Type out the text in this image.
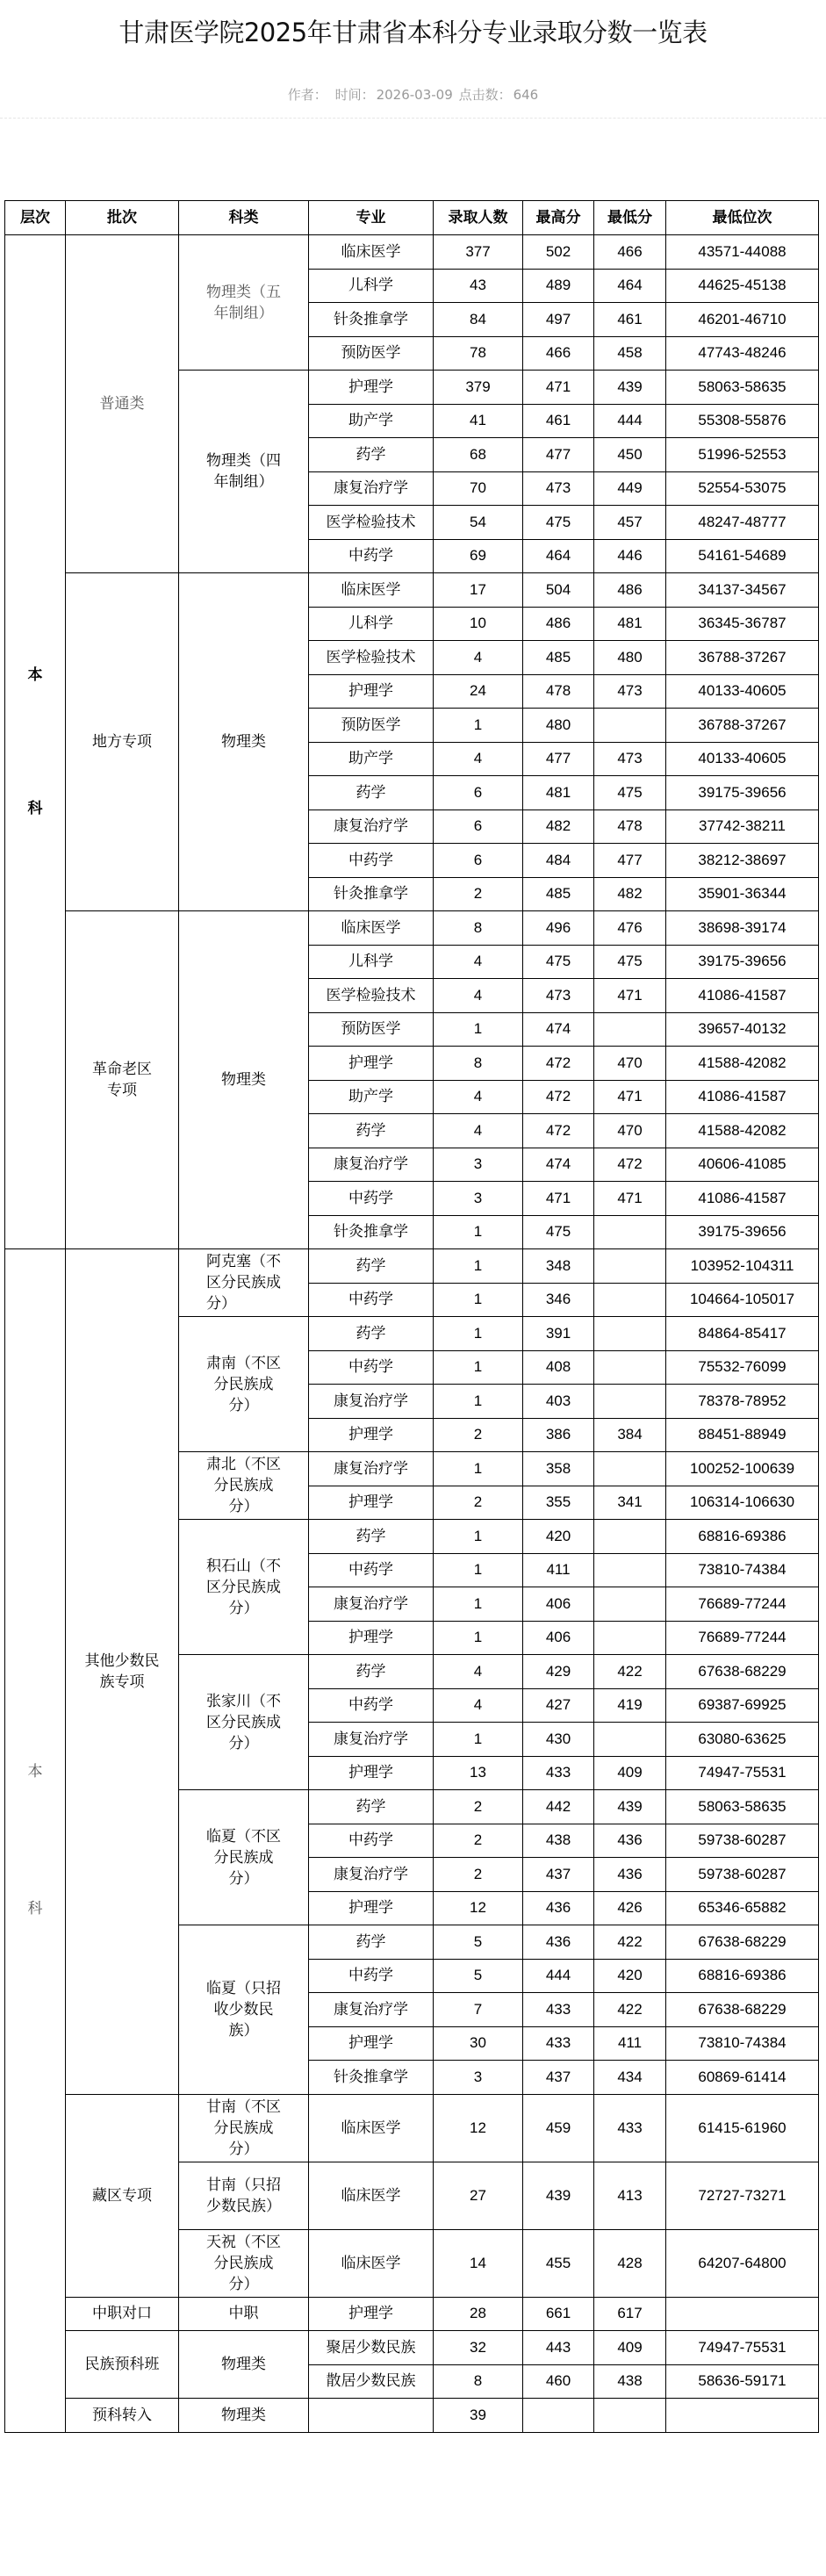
甘肃医学院2025年甘肃省本科分专业录取分数一览表
作者： 时间： 2026-03-09 点击数： 646
层次	批次	科类	专业	录取人数	最高分	最低分	最低位次

本
科	普通类	物理类（五年制组）	临床医学	377	502	466	43571-44088
			儿科学	43	489	464	44625-45138
			针灸推拿学	84	497	461	46201-46710
			预防医学	78	466	458	47743-48246
		物理类（四年制组）	护理学	379	471	439	58063-58635
			助产学	41	461	444	55308-55876
			药学	68	477	450	51996-52553
			康复治疗学	70	473	449	52554-53075
			医学检验技术	54	475	457	48247-48777
			中药学	69	464	446	54161-54689
	地方专项	物理类	临床医学	17	504	486	34137-34567
			儿科学	10	486	481	36345-36787
			医学检验技术	4	485	480	36788-37267
			护理学	24	478	473	40133-40605
			预防医学	1	480		36788-37267
			助产学	4	477	473	40133-40605
			药学	6	481	475	39175-39656
			康复治疗学	6	482	478	37742-38211
			中药学	6	484	477	38212-38697
			针灸推拿学	2	485	482	35901-36344
	革命老区专项	物理类	临床医学	8	496	476	38698-39174
			儿科学	4	475	475	39175-39656
			医学检验技术	4	473	471	41086-41587
			预防医学	1	474		39657-40132
			护理学	8	472	470	41588-42082
			助产学	4	472	471	41086-41587
			药学	4	472	470	41588-42082
			康复治疗学	3	474	472	40606-41085
			中药学	3	471	471	41086-41587
			针灸推拿学	1	475		39175-39656

本
科	其他少数民族专项	阿克塞（不区分民族成分）	药学	1	348		103952-104311
			中药学	1	346		104664-105017
		肃南（不区分民族成分）	药学	1	391		84864-85417
			中药学	1	408		75532-76099
			康复治疗学	1	403		78378-78952
			护理学	2	386	384	88451-88949
		肃北（不区分民族成分）	康复治疗学	1	358		100252-100639
			护理学	2	355	341	106314-106630
		积石山（不区分民族成分）	药学	1	420		68816-69386
			中药学	1	411		73810-74384
			康复治疗学	1	406		76689-77244
			护理学	1	406		76689-77244
		张家川（不区分民族成分）	药学	4	429	422	67638-68229
			中药学	4	427	419	69387-69925
			康复治疗学	1	430		63080-63625
			护理学	13	433	409	74947-75531
		临夏（不区分民族成分）	药学	2	442	439	58063-58635
			中药学	2	438	436	59738-60287
			康复治疗学	2	437	436	59738-60287
			护理学	12	436	426	65346-65882
		临夏（只招收少数民族）	药学	5	436	422	67638-68229
			中药学	5	444	420	68816-69386
			康复治疗学	7	433	422	67638-68229
			护理学	30	433	411	73810-74384
			针灸推拿学	3	437	434	60869-61414
	藏区专项	甘南（不区分民族成分）	临床医学	12	459	433	61415-61960
		甘南（只招少数民族）	临床医学	27	439	413	72727-73271
		天祝（不区分民族成分）	临床医学	14	455	428	64207-64800
	中职对口	中职	护理学	28	661	617	
	民族预科班	物理类	聚居少数民族	32	443	409	74947-75531
			散居少数民族	8	460	438	58636-59171
	预科转入	物理类		39			
